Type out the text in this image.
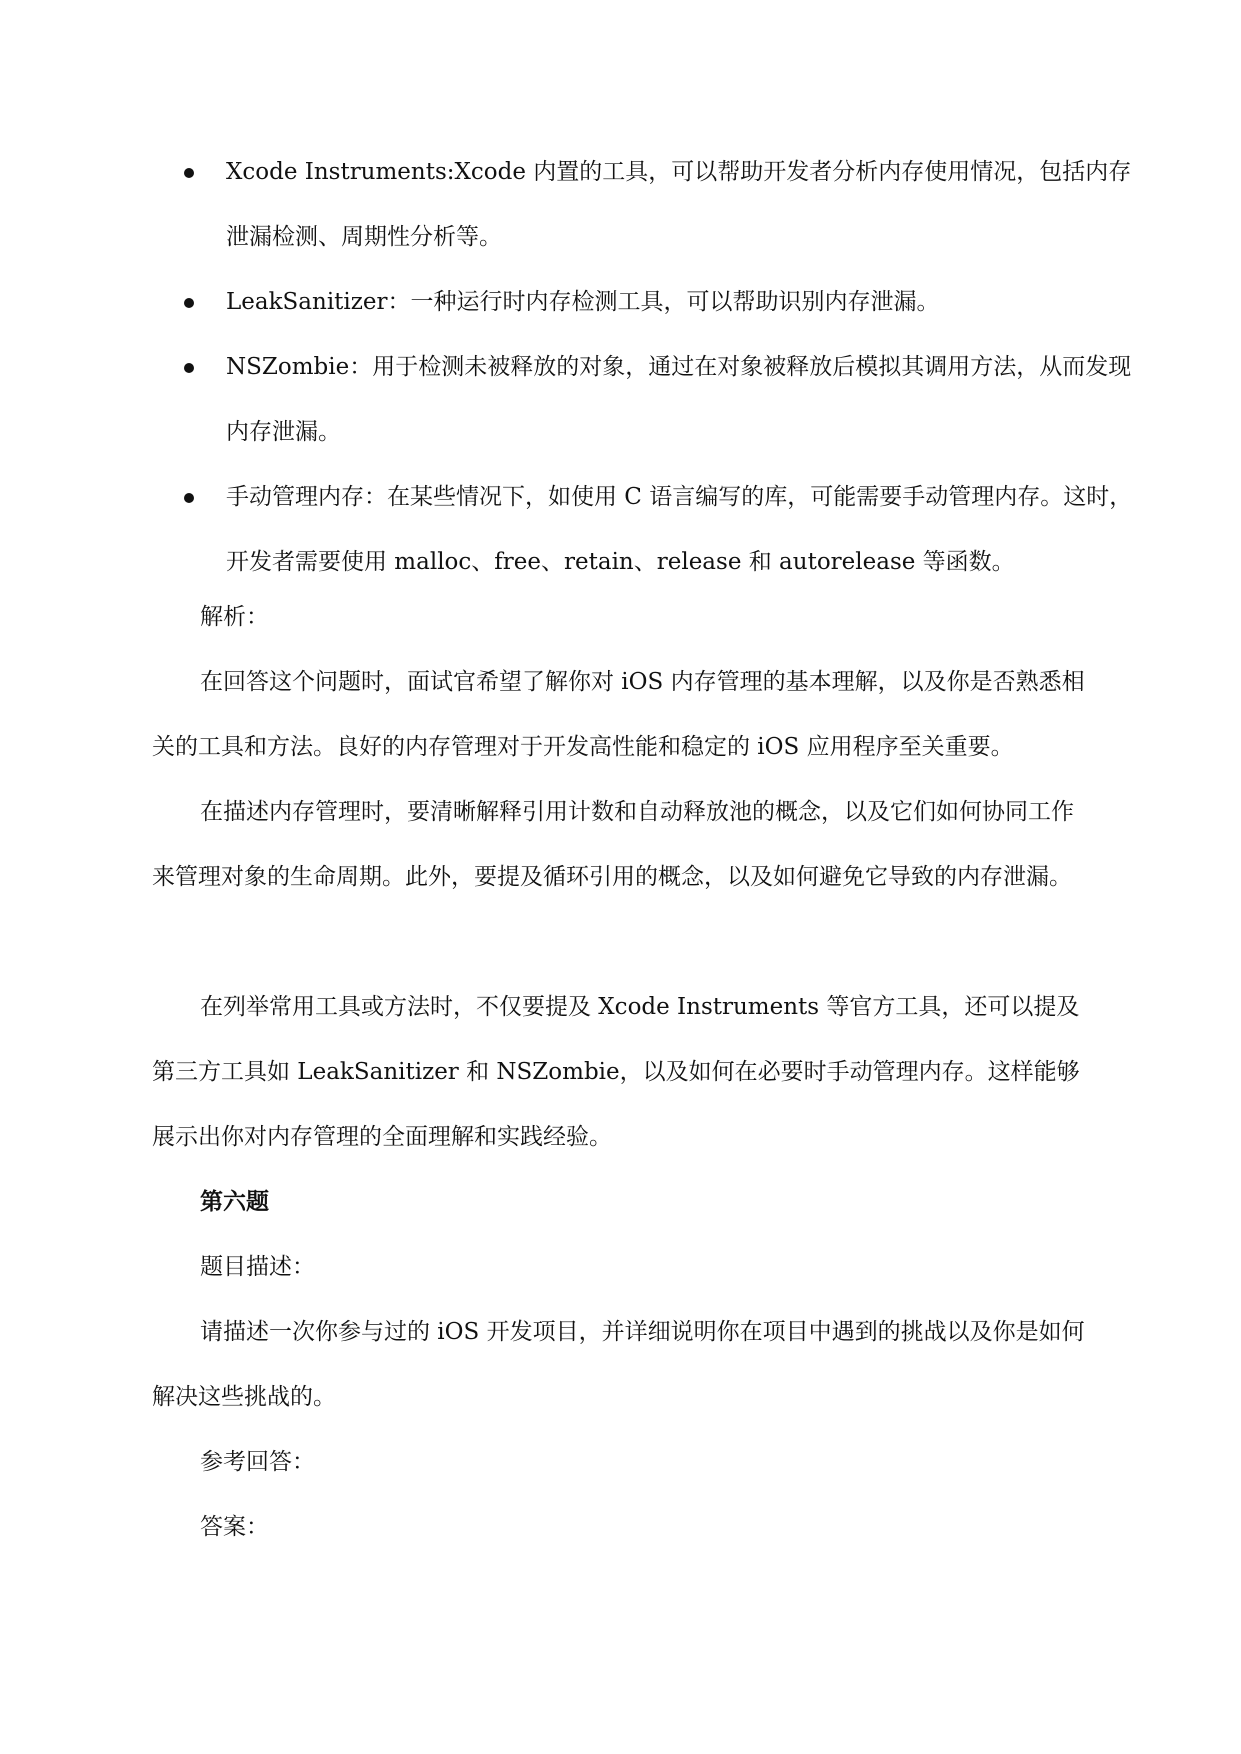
Xcode Instruments:Xcode 内置的工具，可以帮助开发者分析内存使用情况，包括内存泄漏检测、周期性分析等。
LeakSanitizer：一种运行时内存检测工具，可以帮助识别内存泄漏。
NSZombie：用于检测未被释放的对象，通过在对象被释放后模拟其调用方法，从而发现内存泄漏。
手动管理内存：在某些情况下，如使用 C 语言编写的库，可能需要手动管理内存。这时，开发者需要使用 malloc、free、retain、release 和 autorelease 等函数。

解析：

在回答这个问题时，面试官希望了解你对 iOS 内存管理的基本理解，以及你是否熟悉相关的工具和方法。良好的内存管理对于开发高性能和稳定的 iOS 应用程序至关重要。

在描述内存管理时，要清晰解释引用计数和自动释放池的概念，以及它们如何协同工作来管理对象的生命周期。此外，要提及循环引用的概念，以及如何避免它导致的内存泄漏。

在列举常用工具或方法时，不仅要提及 Xcode Instruments 等官方工具，还可以提及第三方工具如 LeakSanitizer 和 NSZombie，以及如何在必要时手动管理内存。这样能够展示出你对内存管理的全面理解和实践经验。

第六题

题目描述：

请描述一次你参与过的 iOS 开发项目，并详细说明你在项目中遇到的挑战以及你是如何解决这些挑战的。

参考回答：

答案：
